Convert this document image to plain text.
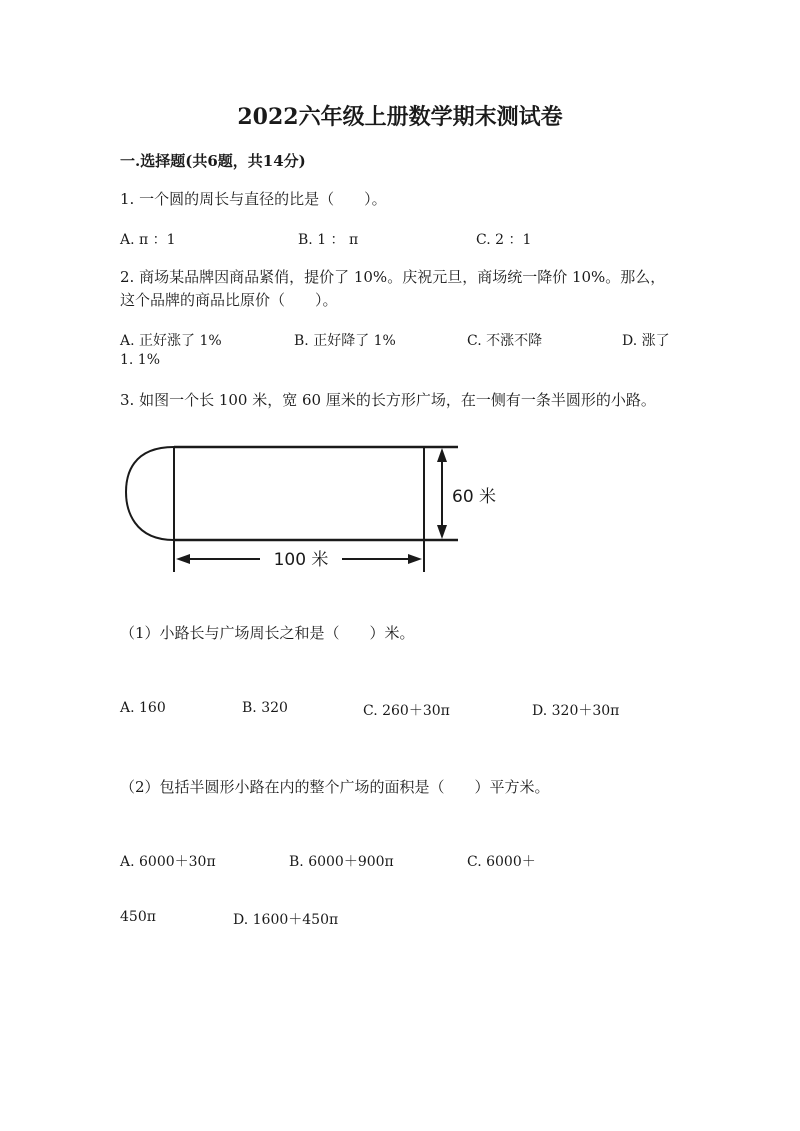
2022六年级上册数学期末测试卷
一.选择题(共6题，共14分)
1. 一个圆的周长与直径的比是（　　）。
A. π ：1	B. 1 ： π	C. 2 ：1
2. 商场某品牌因商品紧俏，提价了 10%。庆祝元旦，商场统一降价 10%。那么，
这个品牌的商品比原价（　　）。
A. 正好涨了 1%	B. 正好降了 1%	C. 不涨不降	D. 涨了
1. 1%
3. 如图一个长 100 米，宽 60 厘米的长方形广场，在一侧有一条半圆形的小路。
60 米
100 米
（1）小路长与广场周长之和是（　　）米。
A. 160	B. 320	C. 260＋30π	D. 320＋30π
（2）包括半圆形小路在内的整个广场的面积是（　　）平方米。
A. 6000＋30π	B. 6000＋900π	C. 6000＋
450π	D. 1600＋450π
